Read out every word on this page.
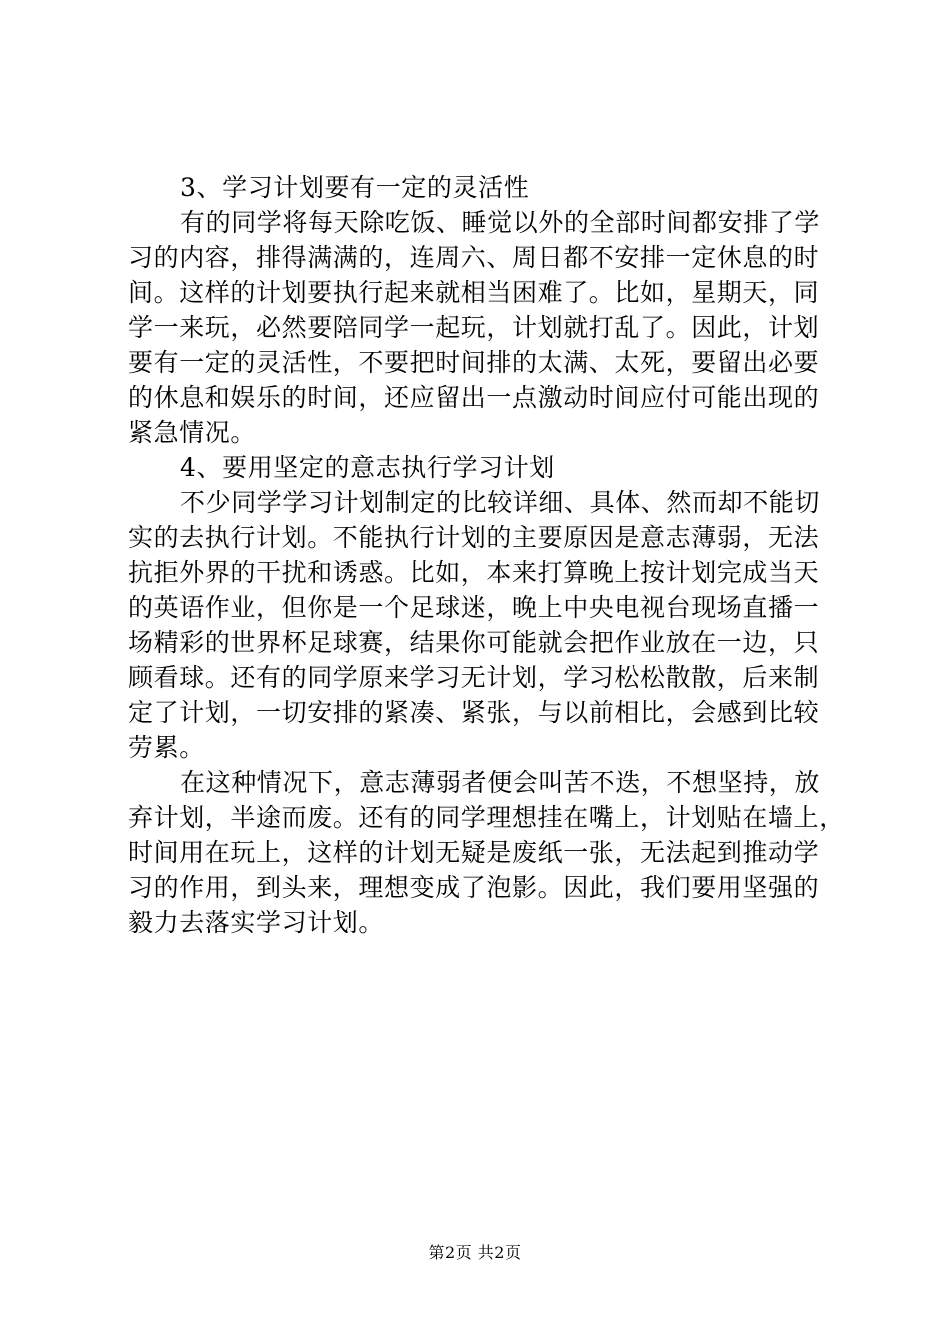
3、学习计划要有一定的灵活性
有的同学将每天除吃饭、睡觉以外的全部时间都安排了学
习的内容，排得满满的，连周六、周日都不安排一定休息的时
间。这样的计划要执行起来就相当困难了。比如，星期天，同
学一来玩，必然要陪同学一起玩，计划就打乱了。因此，计划
要有一定的灵活性，不要把时间排的太满、太死，要留出必要
的休息和娱乐的时间，还应留出一点激动时间应付可能出现的
紧急情况。
4、要用坚定的意志执行学习计划
不少同学学习计划制定的比较详细、具体、然而却不能切
实的去执行计划。不能执行计划的主要原因是意志薄弱，无法
抗拒外界的干扰和诱惑。比如，本来打算晚上按计划完成当天
的英语作业，但你是一个足球迷，晚上中央电视台现场直播一
场精彩的世界杯足球赛，结果你可能就会把作业放在一边，只
顾看球。还有的同学原来学习无计划，学习松松散散，后来制
定了计划，一切安排的紧凑、紧张，与以前相比，会感到比较
劳累。
在这种情况下，意志薄弱者便会叫苦不迭，不想坚持，放
弃计划，半途而废。还有的同学理想挂在嘴上，计划贴在墙上，
时间用在玩上，这样的计划无疑是废纸一张，无法起到推动学
习的作用，到头来，理想变成了泡影。因此，我们要用坚强的
毅力去落实学习计划。
第2页 共2页
